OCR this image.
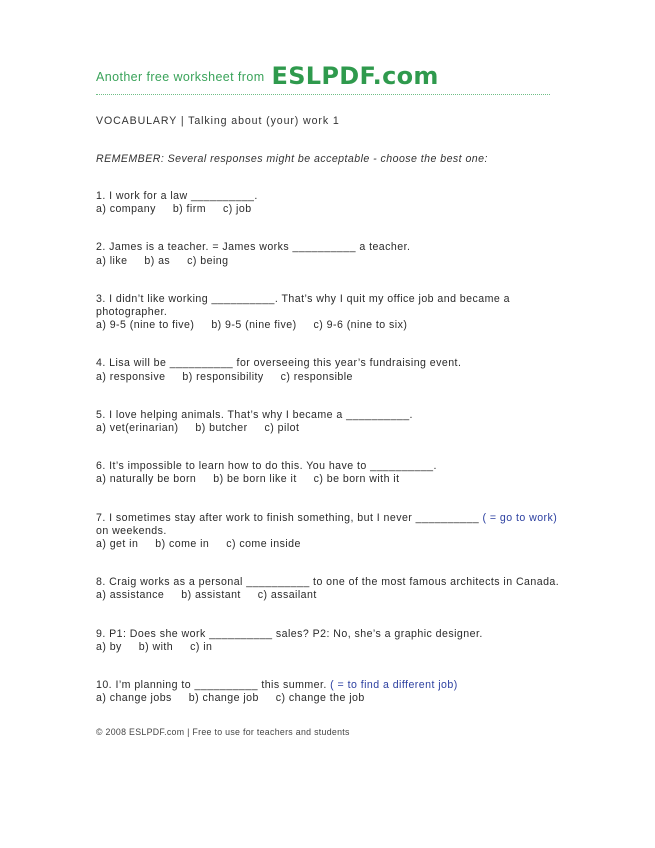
Another free worksheet from ESLPDF.com
VOCABULARY | Talking about (your) work 1
REMEMBER: Several responses might be acceptable - choose the best one:
1. I work for a law __________.
a) company     b) firm     c) job
2. James is a teacher. = James works __________ a teacher.
a) like     b) as     c) being
3. I didn’t like working __________. That’s why I quit my office job and became a photographer.
a) 9-5 (nine to five)     b) 9-5 (nine five)     c) 9-6 (nine to six)
4. Lisa will be __________ for overseeing this year’s fundraising event.
a) responsive     b) responsibility     c) responsible
5. I love helping animals. That’s why I became a __________.
a) vet(erinarian)     b) butcher     c) pilot
6. It’s impossible to learn how to do this. You have to __________.
a) naturally be born     b) be born like it     c) be born with it
7. I sometimes stay after work to finish something, but I never __________ ( = go to work) on weekends.
a) get in     b) come in     c) come inside
8. Craig works as a personal __________ to one of the most famous architects in Canada.
a) assistance     b) assistant     c) assailant
9. P1: Does she work __________ sales? P2: No, she’s a graphic designer.
a) by     b) with     c) in
10. I’m planning to __________ this summer. ( = to find a different job)
a) change jobs     b) change job     c) change the job
© 2008 ESLPDF.com | Free to use for teachers and students
